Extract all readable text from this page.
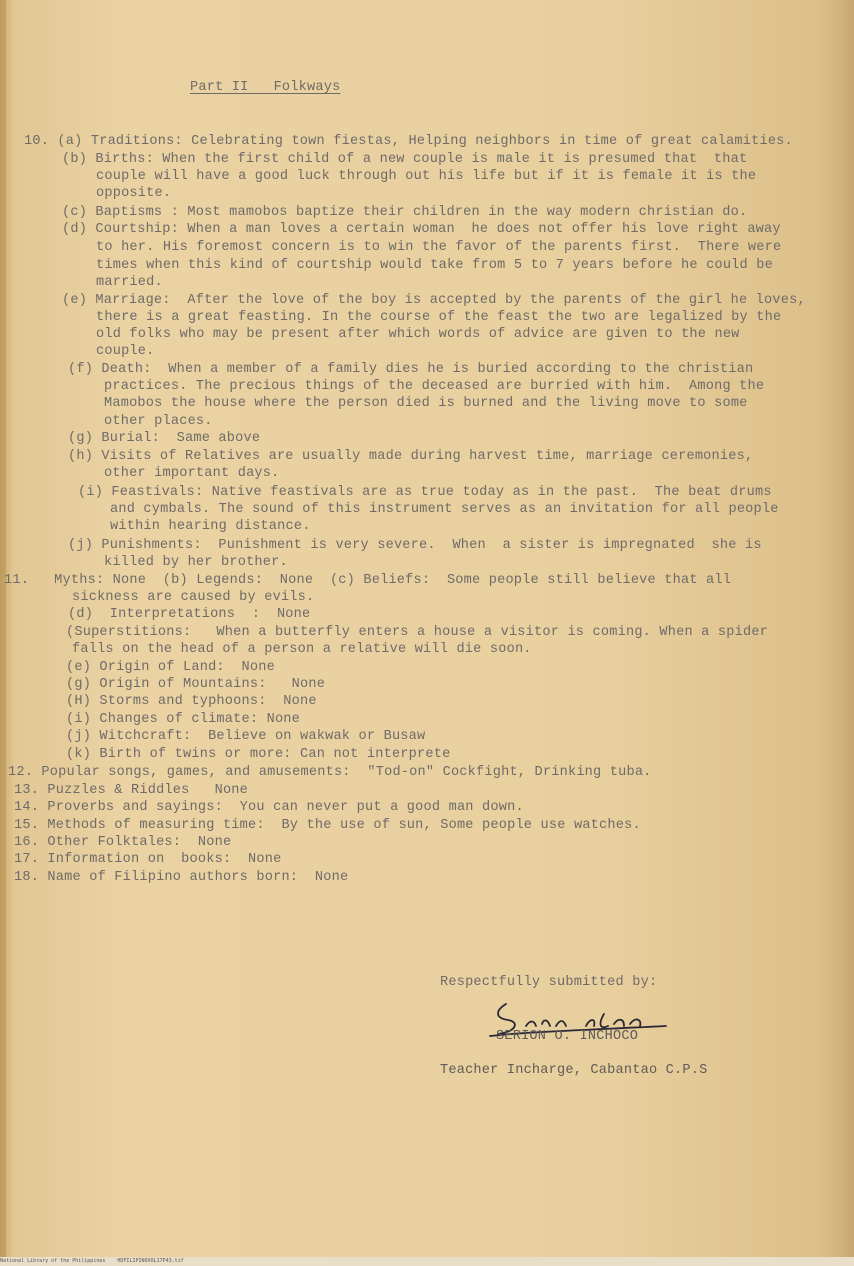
Part II   Folkways
10. (a) Traditions: Celebrating town fiestas, Helping neighbors in time of great calamities.
(b) Births: When the first child of a new couple is male it is presumed that  that
couple will have a good luck through out his life but if it is female it is the
opposite.
(c) Baptisms : Most mamobos baptize their children in the way modern christian do.
(d) Courtship: When a man loves a certain woman  he does not offer his love right away
to her. His foremost concern is to win the favor of the parents first.  There were
times when this kind of courtship would take from 5 to 7 years before he could be
married.
(e) Marriage:  After the love of the boy is accepted by the parents of the girl he loves,
there is a great feasting. In the course of the feast the two are legalized by the
old folks who may be present after which words of advice are given to the new
couple.
(f) Death:  When a member of a family dies he is buried according to the christian
practices. The precious things of the deceased are burried with him.  Among the
Mamobos the house where the person died is burned and the living move to some
other places.
(g) Burial:  Same above
(h) Visits of Relatives are usually made during harvest time, marriage ceremonies,
other important days.
(i) Feastivals: Native feastivals are as true today as in the past.  The beat drums
and cymbals. The sound of this instrument serves as an invitation for all people
within hearing distance.
(j) Punishments:  Punishment is very severe.  When  a sister is impregnated  she is
killed by her brother.
11.   Myths: None  (b) Legends:  None  (c) Beliefs:  Some people still believe that all
sickness are caused by evils.
(d)  Interpretations  :  None
(Superstitions:   When a butterfly enters a house a visitor is coming. When a spider
falls on the head of a person a relative will die soon.
(e) Origin of Land:  None
(g) Origin of Mountains:   None
(H) Storms and typhoons:  None
(i) Changes of climate: None
(j) Witchcraft:  Believe on wakwak or Busaw
(k) Birth of twins or more: Can not interprete
12. Popular songs, games, and amusements:  "Tod-on" Cockfight, Drinking tuba.
13. Puzzles & Riddles   None
14. Proverbs and sayings:  You can never put a good man down.
15. Methods of measuring time:  By the use of sun, Some people use watches.
16. Other Folktales:  None
17. Information on  books:  None
18. Name of Filipino authors born:  None
Respectfully submitted by:
SERION O. INCHOCO
Teacher Incharge, Cabantao C.P.S
National Library of the Philippines    HDFILIPINOVOL17P43.tif
